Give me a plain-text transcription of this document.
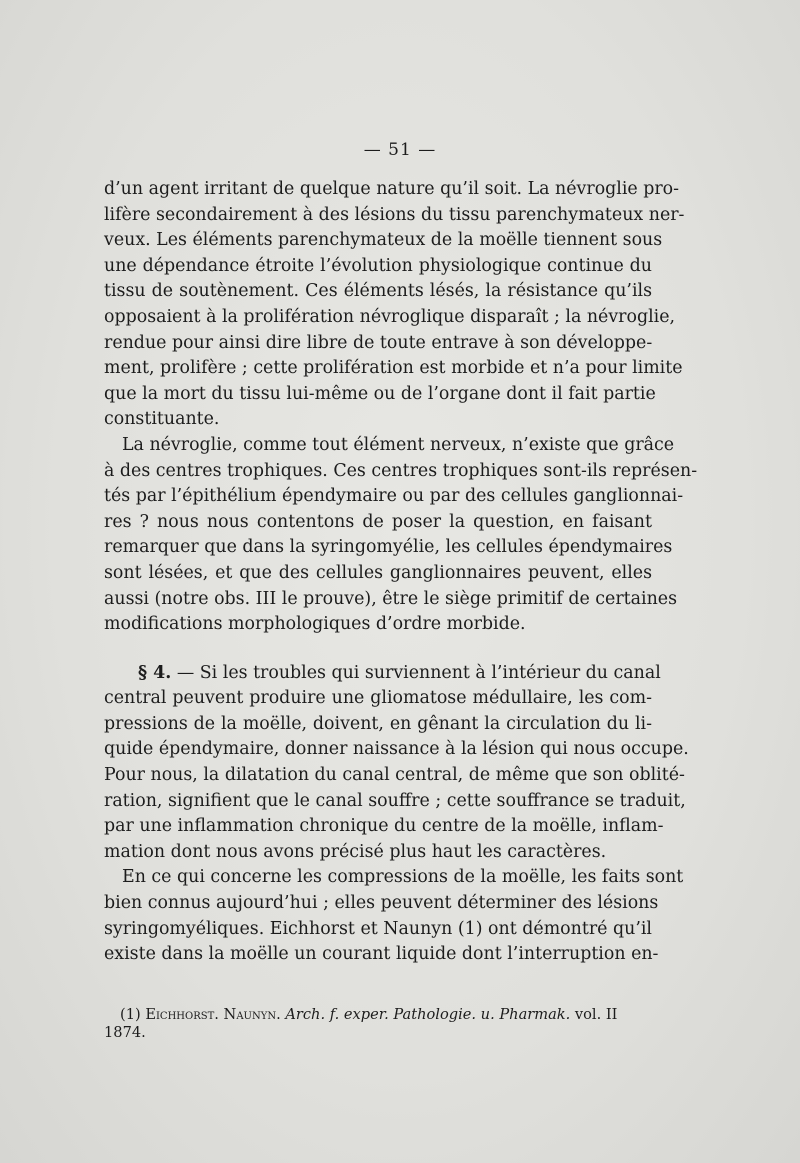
— 51 —
d’un agent irritant de quelque nature qu’il soit. La névroglie pro-
lifère secondairement à des lésions du tissu parenchymateux ner-
veux. Les éléments parenchymateux de la moëlle tiennent sous
une dépendance étroite l’évolution physiologique continue du
tissu de soutènement. Ces éléments lésés, la résistance qu’ils
opposaient à la prolifération névroglique disparaît ; la névroglie,
rendue pour ainsi dire libre de toute entrave à son développe-
ment, prolifère ; cette prolifération est morbide et n’a pour limite
que la mort du tissu lui-même ou de l’organe dont il fait partie
constituante.
La névroglie, comme tout élément nerveux, n’existe que grâce
à des centres trophiques. Ces centres trophiques sont-ils représen-
tés par l’épithélium épendymaire ou par des cellules ganglionnai-
res ? nous nous contentons de poser la question, en faisant
remarquer que dans la syringomyélie, les cellules épendymaires
sont lésées, et que des cellules ganglionnaires peuvent, elles
aussi (notre obs. III le prouve), être le siège primitif de certaines
modifications morphologiques d’ordre morbide.
§ 4. — Si les troubles qui surviennent à l’intérieur du canal
central peuvent produire une gliomatose médullaire, les com-
pressions de la moëlle, doivent, en gênant la circulation du li-
quide épendymaire, donner naissance à la lésion qui nous occupe.
Pour nous, la dilatation du canal central, de même que son oblité-
ration, signifient que le canal souffre ; cette souffrance se traduit,
par une inflammation chronique du centre de la moëlle, inflam-
mation dont nous avons précisé plus haut les caractères.
En ce qui concerne les compressions de la moëlle, les faits sont
bien connus aujourd’hui ; elles peuvent déterminer des lésions
syringomyéliques. Eichhorst et Naunyn (1) ont démontré qu’il
existe dans la moëlle un courant liquide dont l’interruption en-
(1) Eichhorst. Naunyn. Arch. f. exper. Pathologie. u. Pharmak. vol. II
1874.
